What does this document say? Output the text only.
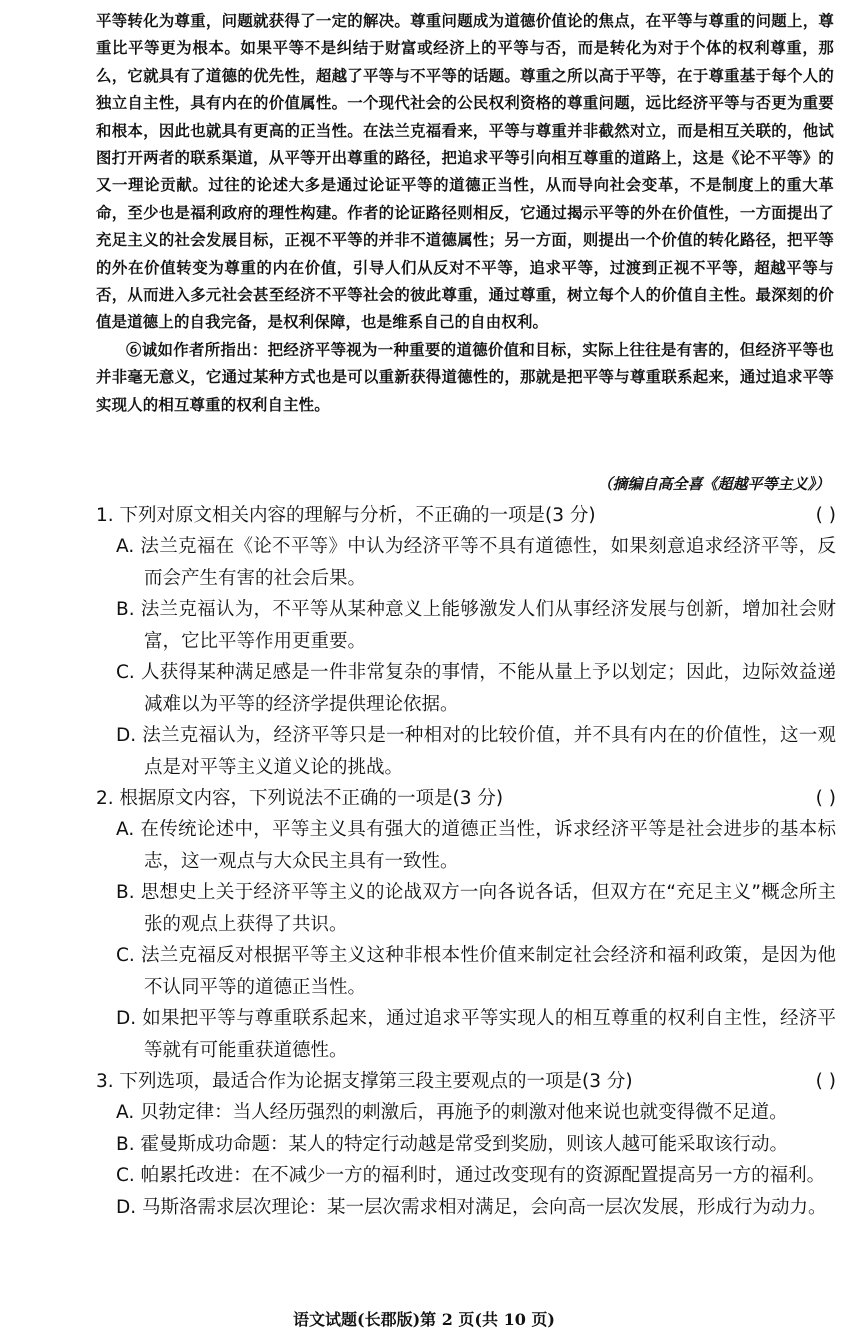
平等转化为尊重，问题就获得了一定的解决。尊重问题成为道德价值论的焦点，在平等与尊重的问题上，尊重比平等更为根本。如果平等不是纠结于财富或经济上的平等与否，而是转化为对于个体的权利尊重，那么，它就具有了道德的优先性，超越了平等与不平等的话题。尊重之所以高于平等，在于尊重基于每个人的独立自主性，具有内在的价值属性。一个现代社会的公民权利资格的尊重问题，远比经济平等与否更为重要和根本，因此也就具有更高的正当性。在法兰克福看来，平等与尊重并非截然对立，而是相互关联的，他试图打开两者的联系渠道，从平等开出尊重的路径，把追求平等引向相互尊重的道路上，这是《论不平等》的又一理论贡献。过往的论述大多是通过论证平等的道德正当性，从而导向社会变革，不是制度上的重大革命，至少也是福利政府的理性构建。作者的论证路径则相反，它通过揭示平等的外在价值性，一方面提出了充足主义的社会发展目标，正视不平等的并非不道德属性；另一方面，则提出一个价值的转化路径，把平等的外在价值转变为尊重的内在价值，引导人们从反对不平等，追求平等，过渡到正视不平等，超越平等与否，从而进入多元社会甚至经济不平等社会的彼此尊重，通过尊重，树立每个人的价值自主性。最深刻的价值是道德上的自我完备，是权利保障，也是维系自己的自由权利。

⑥诚如作者所指出：把经济平等视为一种重要的道德价值和目标，实际上往往是有害的，但经济平等也并非毫无意义，它通过某种方式也是可以重新获得道德性的，那就是把平等与尊重联系起来，通过追求平等实现人的相互尊重的权利自主性。

（摘编自高全喜《超越平等主义》）
1. 下列对原文相关内容的理解与分析，不正确的一项是(3 分)	( )
A. 法兰克福在《论不平等》中认为经济平等不具有道德性，如果刻意追求经济平等，反而会产生有害的社会后果。
B. 法兰克福认为，不平等从某种意义上能够激发人们从事经济发展与创新，增加社会财富，它比平等作用更重要。
C. 人获得某种满足感是一件非常复杂的事情，不能从量上予以划定；因此，边际效益递减难以为平等的经济学提供理论依据。
D. 法兰克福认为，经济平等只是一种相对的比较价值，并不具有内在的价值性，这一观点是对平等主义道义论的挑战。
2. 根据原文内容，下列说法不正确的一项是(3 分)	( )
A. 在传统论述中，平等主义具有强大的道德正当性，诉求经济平等是社会进步的基本标志，这一观点与大众民主具有一致性。
B. 思想史上关于经济平等主义的论战双方一向各说各话，但双方在“充足主义”概念所主张的观点上获得了共识。
C. 法兰克福反对根据平等主义这种非根本性价值来制定社会经济和福利政策，是因为他不认同平等的道德正当性。
D. 如果把平等与尊重联系起来，通过追求平等实现人的相互尊重的权利自主性，经济平等就有可能重获道德性。
3. 下列选项，最适合作为论据支撑第三段主要观点的一项是(3 分)	( )
A. 贝勃定律：当人经历强烈的刺激后，再施予的刺激对他来说也就变得微不足道。
B. 霍曼斯成功命题：某人的特定行动越是常受到奖励，则该人越可能采取该行动。
C. 帕累托改进：在不减少一方的福利时，通过改变现有的资源配置提高另一方的福利。
D. 马斯洛需求层次理论：某一层次需求相对满足，会向高一层次发展，形成行为动力。
语文试题(长郡版)第 2 页(共 10 页)
